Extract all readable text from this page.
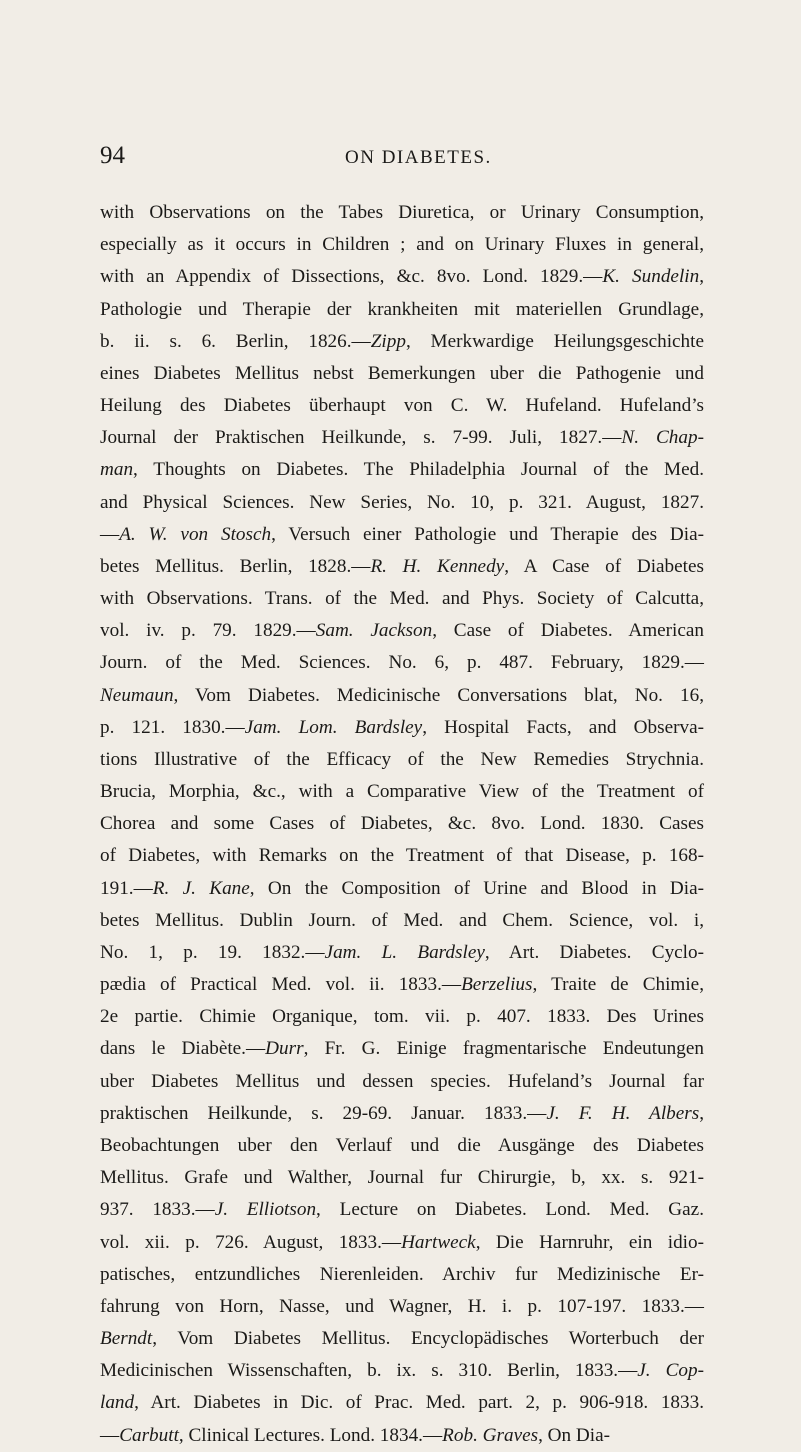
94	ON DIABETES.
with Observations on the Tabes Diuretica, or Urinary Consumption,
especially as it occurs in Children ; and on Urinary Fluxes in general,
with an Appendix of Dissections, &c. 8vo. Lond. 1829.—K. Sundelin,
Pathologie und Therapie der krankheiten mit materiellen Grundlage,
b. ii. s. 6. Berlin, 1826.—Zipp, Merkwardige Heilungsgeschichte
eines Diabetes Mellitus nebst Bemerkungen uber die Pathogenie und
Heilung des Diabetes überhaupt von C. W. Hufeland. Hufeland’s
Journal der Praktischen Heilkunde, s. 7-99. Juli, 1827.—N. Chap-
man, Thoughts on Diabetes. The Philadelphia Journal of the Med.
and Physical Sciences. New Series, No. 10, p. 321. August, 1827.
—A. W. von Stosch, Versuch einer Pathologie und Therapie des Dia-
betes Mellitus. Berlin, 1828.—R. H. Kennedy, A Case of Diabetes
with Observations. Trans. of the Med. and Phys. Society of Calcutta,
vol. iv. p. 79. 1829.—Sam. Jackson, Case of Diabetes. American
Journ. of the Med. Sciences. No. 6, p. 487. February, 1829.—
Neumaun, Vom Diabetes. Medicinische Conversations blat, No. 16,
p. 121. 1830.—Jam. Lom. Bardsley, Hospital Facts, and Observa-
tions Illustrative of the Efficacy of the New Remedies Strychnia.
Brucia, Morphia, &c., with a Comparative View of the Treatment of
Chorea and some Cases of Diabetes, &c. 8vo. Lond. 1830. Cases
of Diabetes, with Remarks on the Treatment of that Disease, p. 168-
191.—R. J. Kane, On the Composition of Urine and Blood in Dia-
betes Mellitus. Dublin Journ. of Med. and Chem. Science, vol. i,
No. 1, p. 19. 1832.—Jam. L. Bardsley, Art. Diabetes. Cyclo-
pædia of Practical Med. vol. ii. 1833.—Berzelius, Traite de Chimie,
2e partie. Chimie Organique, tom. vii. p. 407. 1833. Des Urines
dans le Diabète.—Durr, Fr. G. Einige fragmentarische Endeutungen
uber Diabetes Mellitus und dessen species. Hufeland’s Journal far
praktischen Heilkunde, s. 29-69. Januar. 1833.—J. F. H. Albers,
Beobachtungen uber den Verlauf und die Ausgänge des Diabetes
Mellitus. Grafe und Walther, Journal fur Chirurgie, b, xx. s. 921-
937. 1833.—J. Elliotson, Lecture on Diabetes. Lond. Med. Gaz.
vol. xii. p. 726. August, 1833.—Hartweck, Die Harnruhr, ein idio-
patisches, entzundliches Nierenleiden. Archiv fur Medizinische Er-
fahrung von Horn, Nasse, und Wagner, H. i. p. 107-197. 1833.—
Berndt, Vom Diabetes Mellitus. Encyclopädisches Worterbuch der
Medicinischen Wissenschaften, b. ix. s. 310. Berlin, 1833.—J. Cop-
land, Art. Diabetes in Dic. of Prac. Med. part. 2, p. 906-918. 1833.
—Carbutt, Clinical Lectures. Lond. 1834.—Rob. Graves, On Dia-
